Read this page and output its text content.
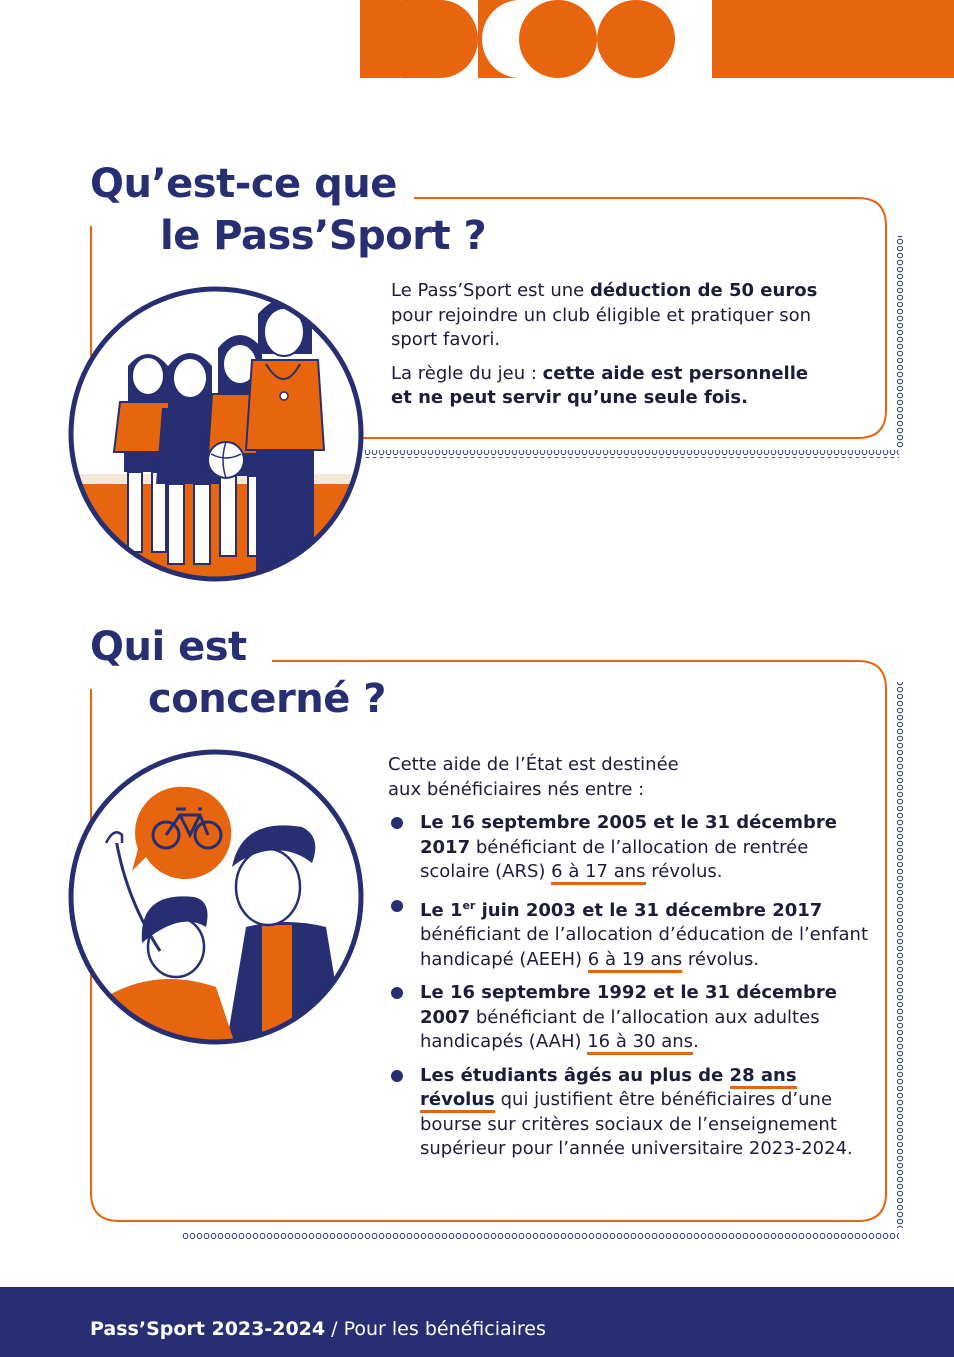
Qu’est-ce que
le Pass’Sport ?

Le Pass’Sport est une déduction de 50 euros pour rejoindre un club éligible et pratiquer son sport favori.

La règle du jeu : cette aide est personnelle et ne peut servir qu’une seule fois.

Qui est
concerné ?

Cette aide de l’État est destinée aux bénéficiaires nés entre :

Le 16 septembre 2005 et le 31 décembre 2017 bénéficiant de l’allocation de rentrée scolaire (ARS) 6 à 17 ans révolus.
Le 1er juin 2003 et le 31 décembre 2017 bénéficiant de l’allocation d’éducation de l’enfant handicapé (AEEH) 6 à 19 ans révolus.
Le 16 septembre 1992 et le 31 décembre 2007 bénéficiant de l’allocation aux adultes handicapés (AAH) 16 à 30 ans.
Les étudiants âgés au plus de 28 ans révolus qui justifient être bénéficiaires d’une bourse sur critères sociaux de l’enseignement supérieur pour l’année universitaire 2023-2024.
Pass’Sport 2023-2024 / Pour les bénéficiaires
